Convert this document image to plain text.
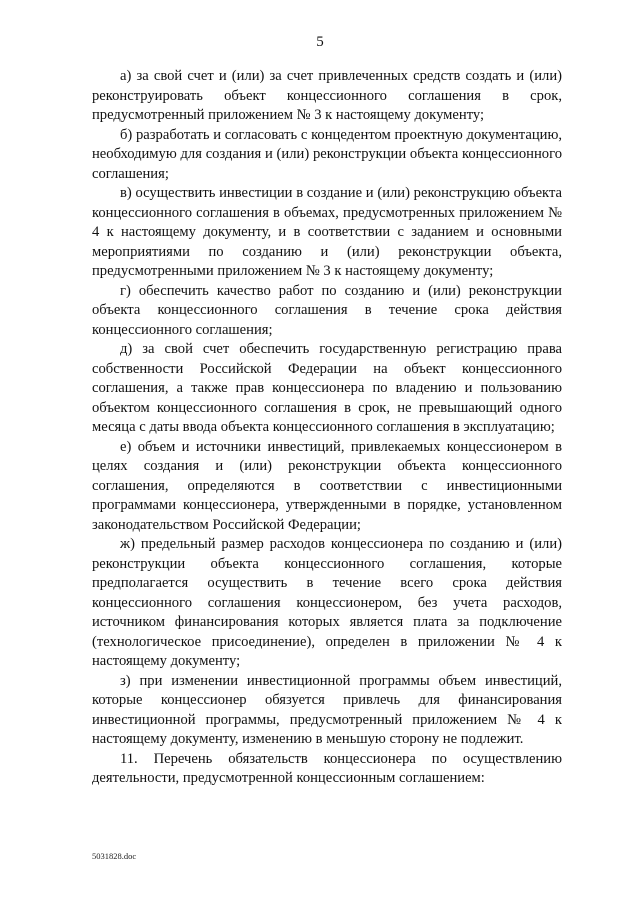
5

а) за свой счет и (или) за счет привлеченных средств создать и (или) реконструировать объект концессионного соглашения в срок, предусмотренный приложением № 3 к настоящему документу;

б) разработать и согласовать с концедентом проектную документацию, необходимую для создания и (или) реконструкции объекта концессионного соглашения;

в) осуществить инвестиции в создание и (или) реконструкцию объекта концессионного соглашения в объемах, предусмотренных приложением № 4 к настоящему документу, и в соответствии с заданием и основными мероприятиями по созданию и (или) реконструкции объекта, предусмотренными приложением № 3 к настоящему документу;

г) обеспечить качество работ по созданию и (или) реконструкции объекта концессионного соглашения в течение срока действия концессионного соглашения;

д) за свой счет обеспечить государственную регистрацию права собственности Российской Федерации на объект концессионного соглашения, а также прав концессионера по владению и пользованию объектом концессионного соглашения в срок, не превышающий одного месяца с даты ввода объекта концессионного соглашения в эксплуатацию;

е) объем и источники инвестиций, привлекаемых концессионером в целях создания и (или) реконструкции объекта концессионного соглашения, определяются в соответствии с инвестиционными программами концессионера, утвержденными в порядке, установленном законодательством Российской Федерации;

ж) предельный размер расходов концессионера по созданию и (или) реконструкции объекта концессионного соглашения, которые предполагается осуществить в течение всего срока действия концессионного соглашения концессионером, без учета расходов, источником финансирования которых является плата за подключение (технологическое присоединение), определен в приложении № 4 к настоящему документу;

з) при изменении инвестиционной программы объем инвестиций, которые концессионер обязуется привлечь для финансирования инвестиционной программы, предусмотренный приложением № 4 к настоящему документу, изменению в меньшую сторону не подлежит.

11. Перечень обязательств концессионера по осуществлению деятельности, предусмотренной концессионным соглашением:

5031828.doc
